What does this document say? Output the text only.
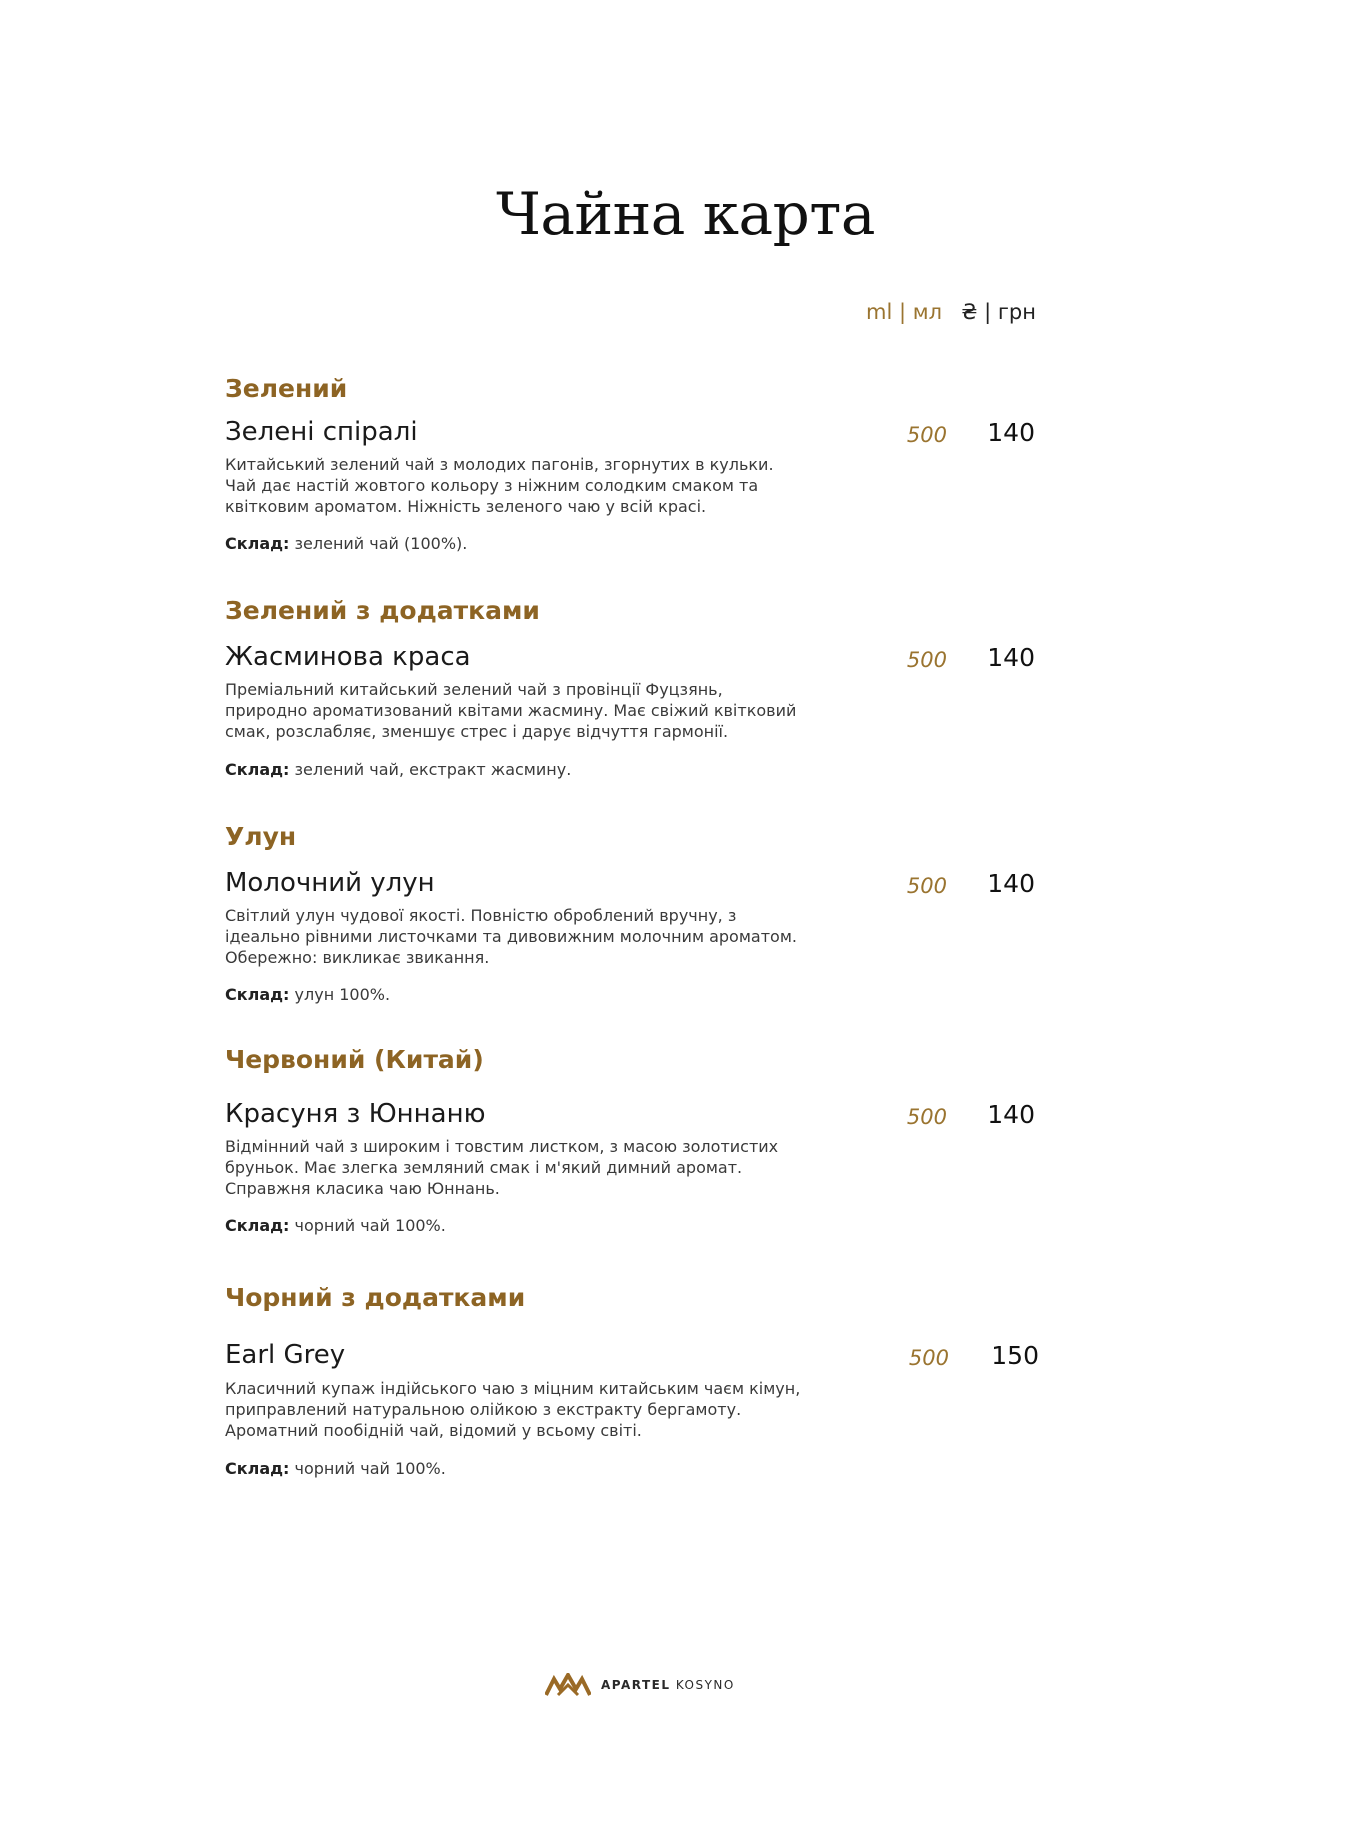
Чайна карта
ml | мл ₴ | грн
Зелений
Зелені спіралі	500	140
Китайський зелений чай з молодих пагонів, згорнутих в кульки. Чай дає настій жовтого кольору з ніжним солодким смаком та квітковим ароматом. Ніжність зеленого чаю у всій красі.
Склад: зелений чай (100%).
Зелений з додатками
Жасминова краса	500	140
Преміальний китайський зелений чай з провінції Фуцзянь, природно ароматизований квітами жасмину. Має свіжий квітковий смак, розслабляє, зменшує стрес і дарує відчуття гармонії.
Склад: зелений чай, екстракт жасмину.
Улун
Молочний улун	500	140
Світлий улун чудової якості. Повністю оброблений вручну, з ідеально рівними листочками та дивовижним молочним ароматом. Обережно: викликає звикання.
Склад: улун 100%.
Червоний (Китай)
Красуня з Юннаню	500	140
Відмінний чай з широким і товстим листком, з масою золотистих бруньок. Має злегка земляний смак і м'який димний аромат. Справжня класика чаю Юннань.
Склад: чорний чай 100%.
Чорний з додатками
Earl Grey	500	150
Класичний купаж індійського чаю з міцним китайським чаєм кімун, приправлений натуральною олійкою з екстракту бергамоту. Ароматний пообідній чай, відомий у всьому світі.
Склад: чорний чай 100%.
APARTEL KOSYNO
